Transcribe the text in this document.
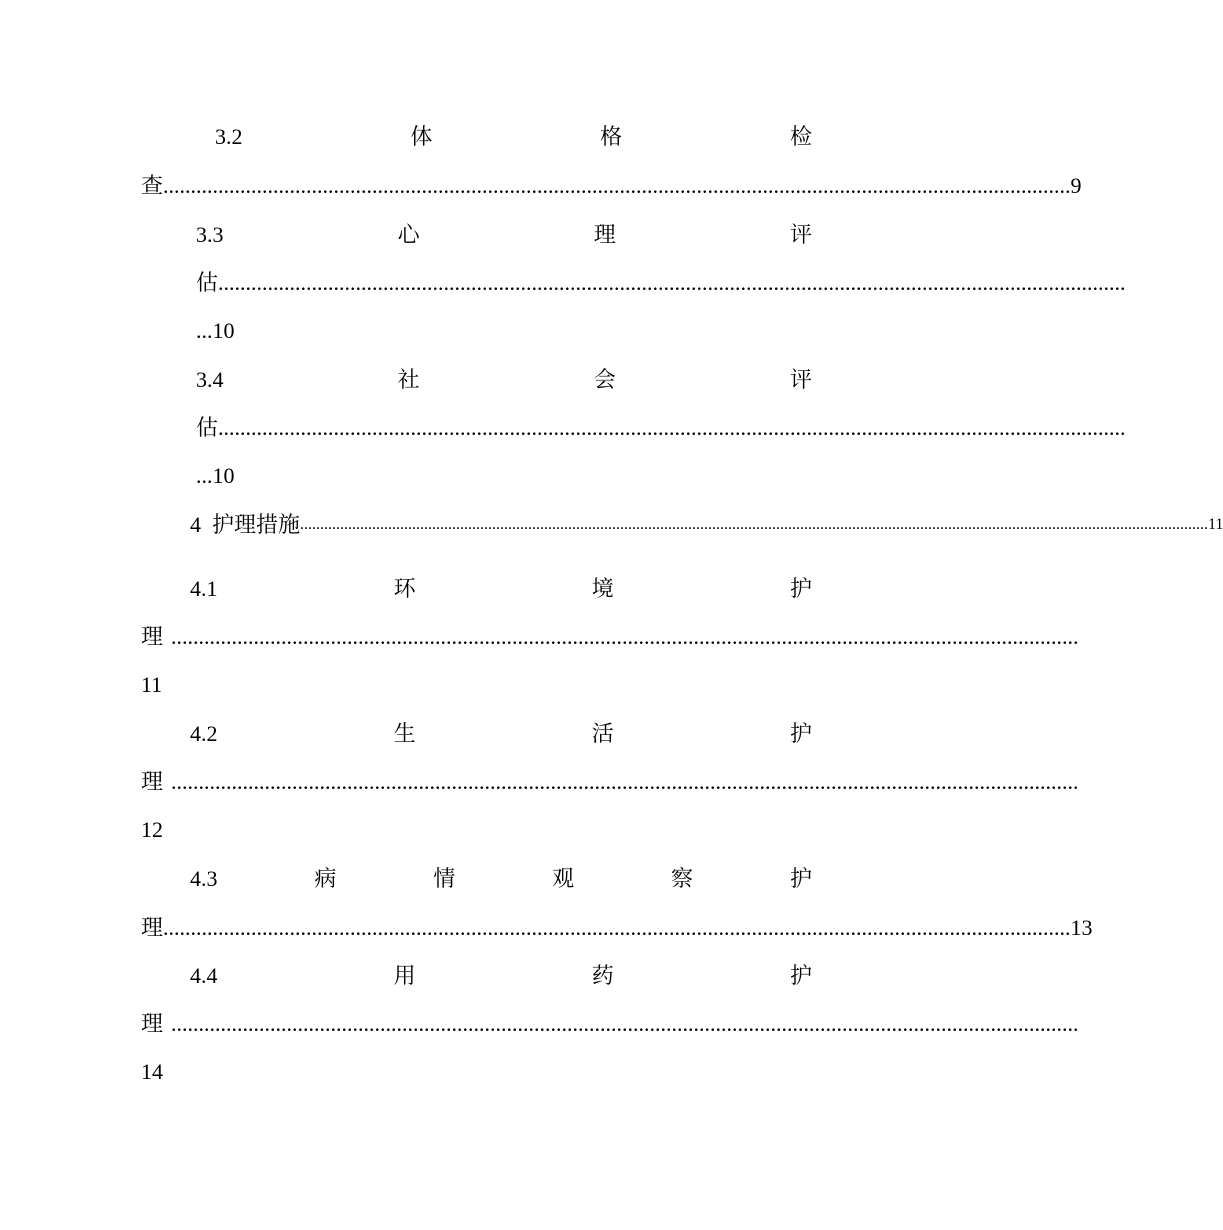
3.2	体	格	检
查 ..................................................................................................................................................................... 9
3.3	心	理	评
估 .....................................................................................................................................................................
...10
3.4	社	会	评
估 .....................................................................................................................................................................
...10
4  护理措施 ................................................................................................................................................................................................................................... 11
4.1	环	境	护
理 .....................................................................................................................................................................
11
4.2	生	活	护
理 .....................................................................................................................................................................
12
4.3	病	情	观	察	护
理 ..................................................................................................................................................................... 13
4.4	用	药	护
理 .....................................................................................................................................................................
14
